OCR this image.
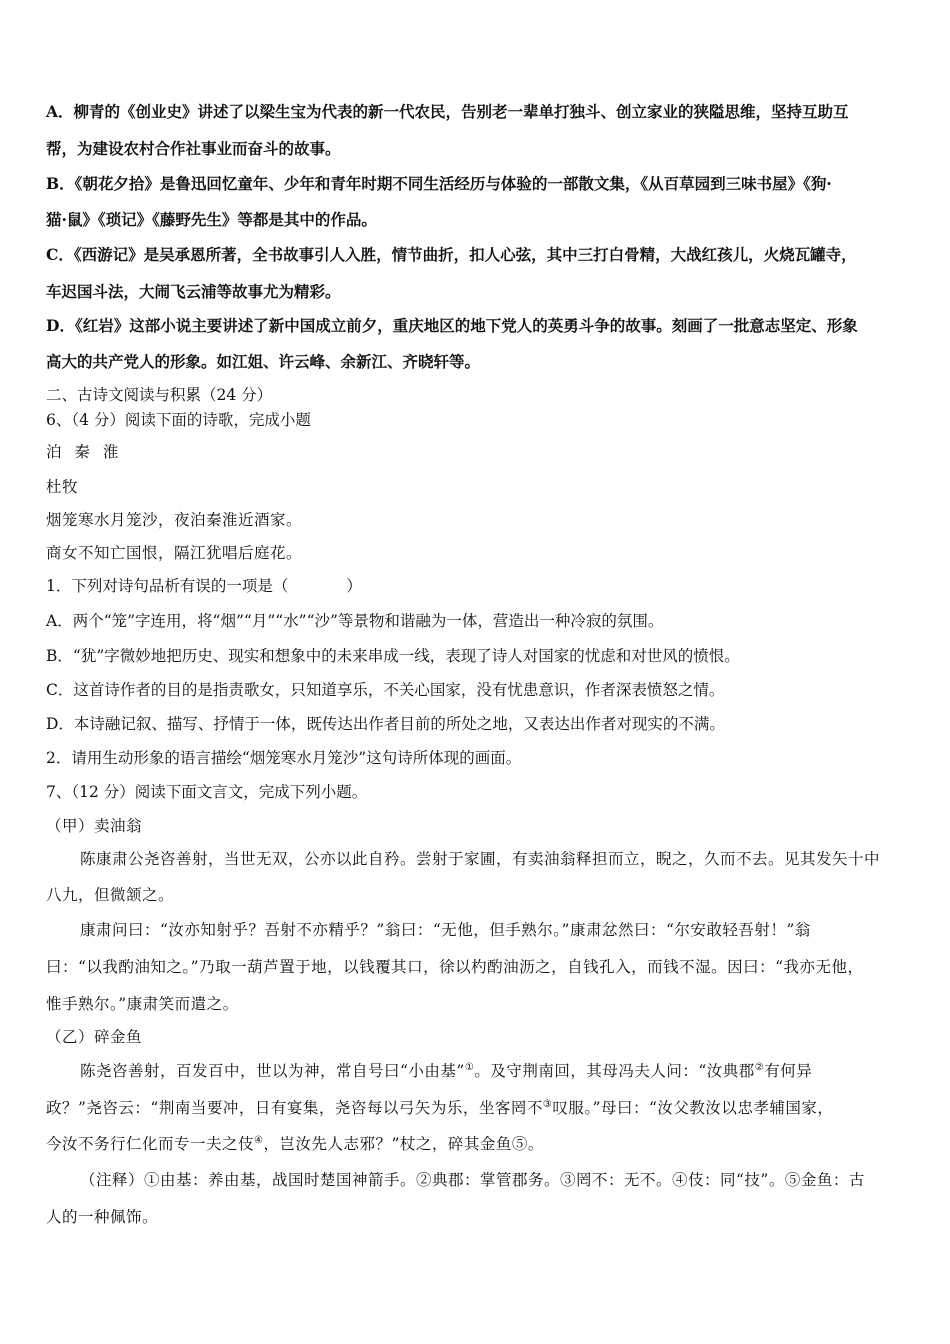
A．柳青的《创业史》讲述了以梁生宝为代表的新一代农民，告别老一辈单打独斗、创立家业的狭隘思维，坚持互助互
帮，为建设农村合作社事业而奋斗的故事。
B．《朝花夕拾》是鲁迅回忆童年、少年和青年时期不同生活经历与体验的一部散文集，《从百草园到三味书屋》《狗·
猫·鼠》《琐记》《藤野先生》等都是其中的作品。
C．《西游记》是吴承恩所著，全书故事引人入胜，情节曲折，扣人心弦，其中三打白骨精，大战红孩儿，火烧瓦罐寺，
车迟国斗法，大闹飞云浦等故事尤为精彩。
D．《红岩》这部小说主要讲述了新中国成立前夕，重庆地区的地下党人的英勇斗争的故事。刻画了一批意志坚定、形象
高大的共产党人的形象。如江姐、许云峰、余新江、齐晓轩等。
二、古诗文阅读与积累（24 分）
6、（4 分）阅读下面的诗歌，完成小题
泊 秦 淮
杜牧
烟笼寒水月笼沙，夜泊秦淮近酒家。
商女不知亡国恨，隔江犹唱后庭花。
1．下列对诗句品析有误的一项是（	）
A．两个“笼”字连用，将“烟”“月”“水”“沙”等景物和谐融为一体，营造出一种冷寂的氛围。
B．“犹”字微妙地把历史、现实和想象中的未来串成一线，表现了诗人对国家的忧虑和对世风的愤恨。
C．这首诗作者的目的是指责歌女，只知道享乐，不关心国家，没有忧患意识，作者深表愤怒之情。
D．本诗融记叙、描写、抒情于一体，既传达出作者目前的所处之地，又表达出作者对现实的不满。
2．请用生动形象的语言描绘“烟笼寒水月笼沙”这句诗所体现的画面。
7、（12 分）阅读下面文言文，完成下列小题。
（甲）卖油翁
陈康肃公尧咨善射，当世无双，公亦以此自矜。尝射于家圃，有卖油翁释担而立，睨之，久而不去。见其发矢十中
八九，但微颔之。
康肃问曰：“汝亦知射乎？吾射不亦精乎？”翁曰：“无他，但手熟尔。”康肃忿然曰：“尔安敢轻吾射！”翁
曰：“以我酌油知之。”乃取一葫芦置于地，以钱覆其口，徐以杓酌油沥之，自钱孔入，而钱不湿。因曰：“我亦无他，
惟手熟尔。”康肃笑而遣之。
（乙）碎金鱼
陈尧咨善射，百发百中，世以为神，常自号曰“小由基”①。及守荆南回，其母冯夫人问：“汝典郡②有何异
政？”尧咨云：“荆南当要冲，日有宴集，尧咨每以弓矢为乐，坐客罔不③叹服。”母曰：“汝父教汝以忠孝辅国家，
今汝不务行仁化而专一夫之伎④，岂汝先人志邪？”杖之，碎其金鱼⑤。
（注释）①由基：养由基，战国时楚国神箭手。②典郡：掌管郡务。③罔不：无不。④伎：同“技”。⑤金鱼：古
人的一种佩饰。
